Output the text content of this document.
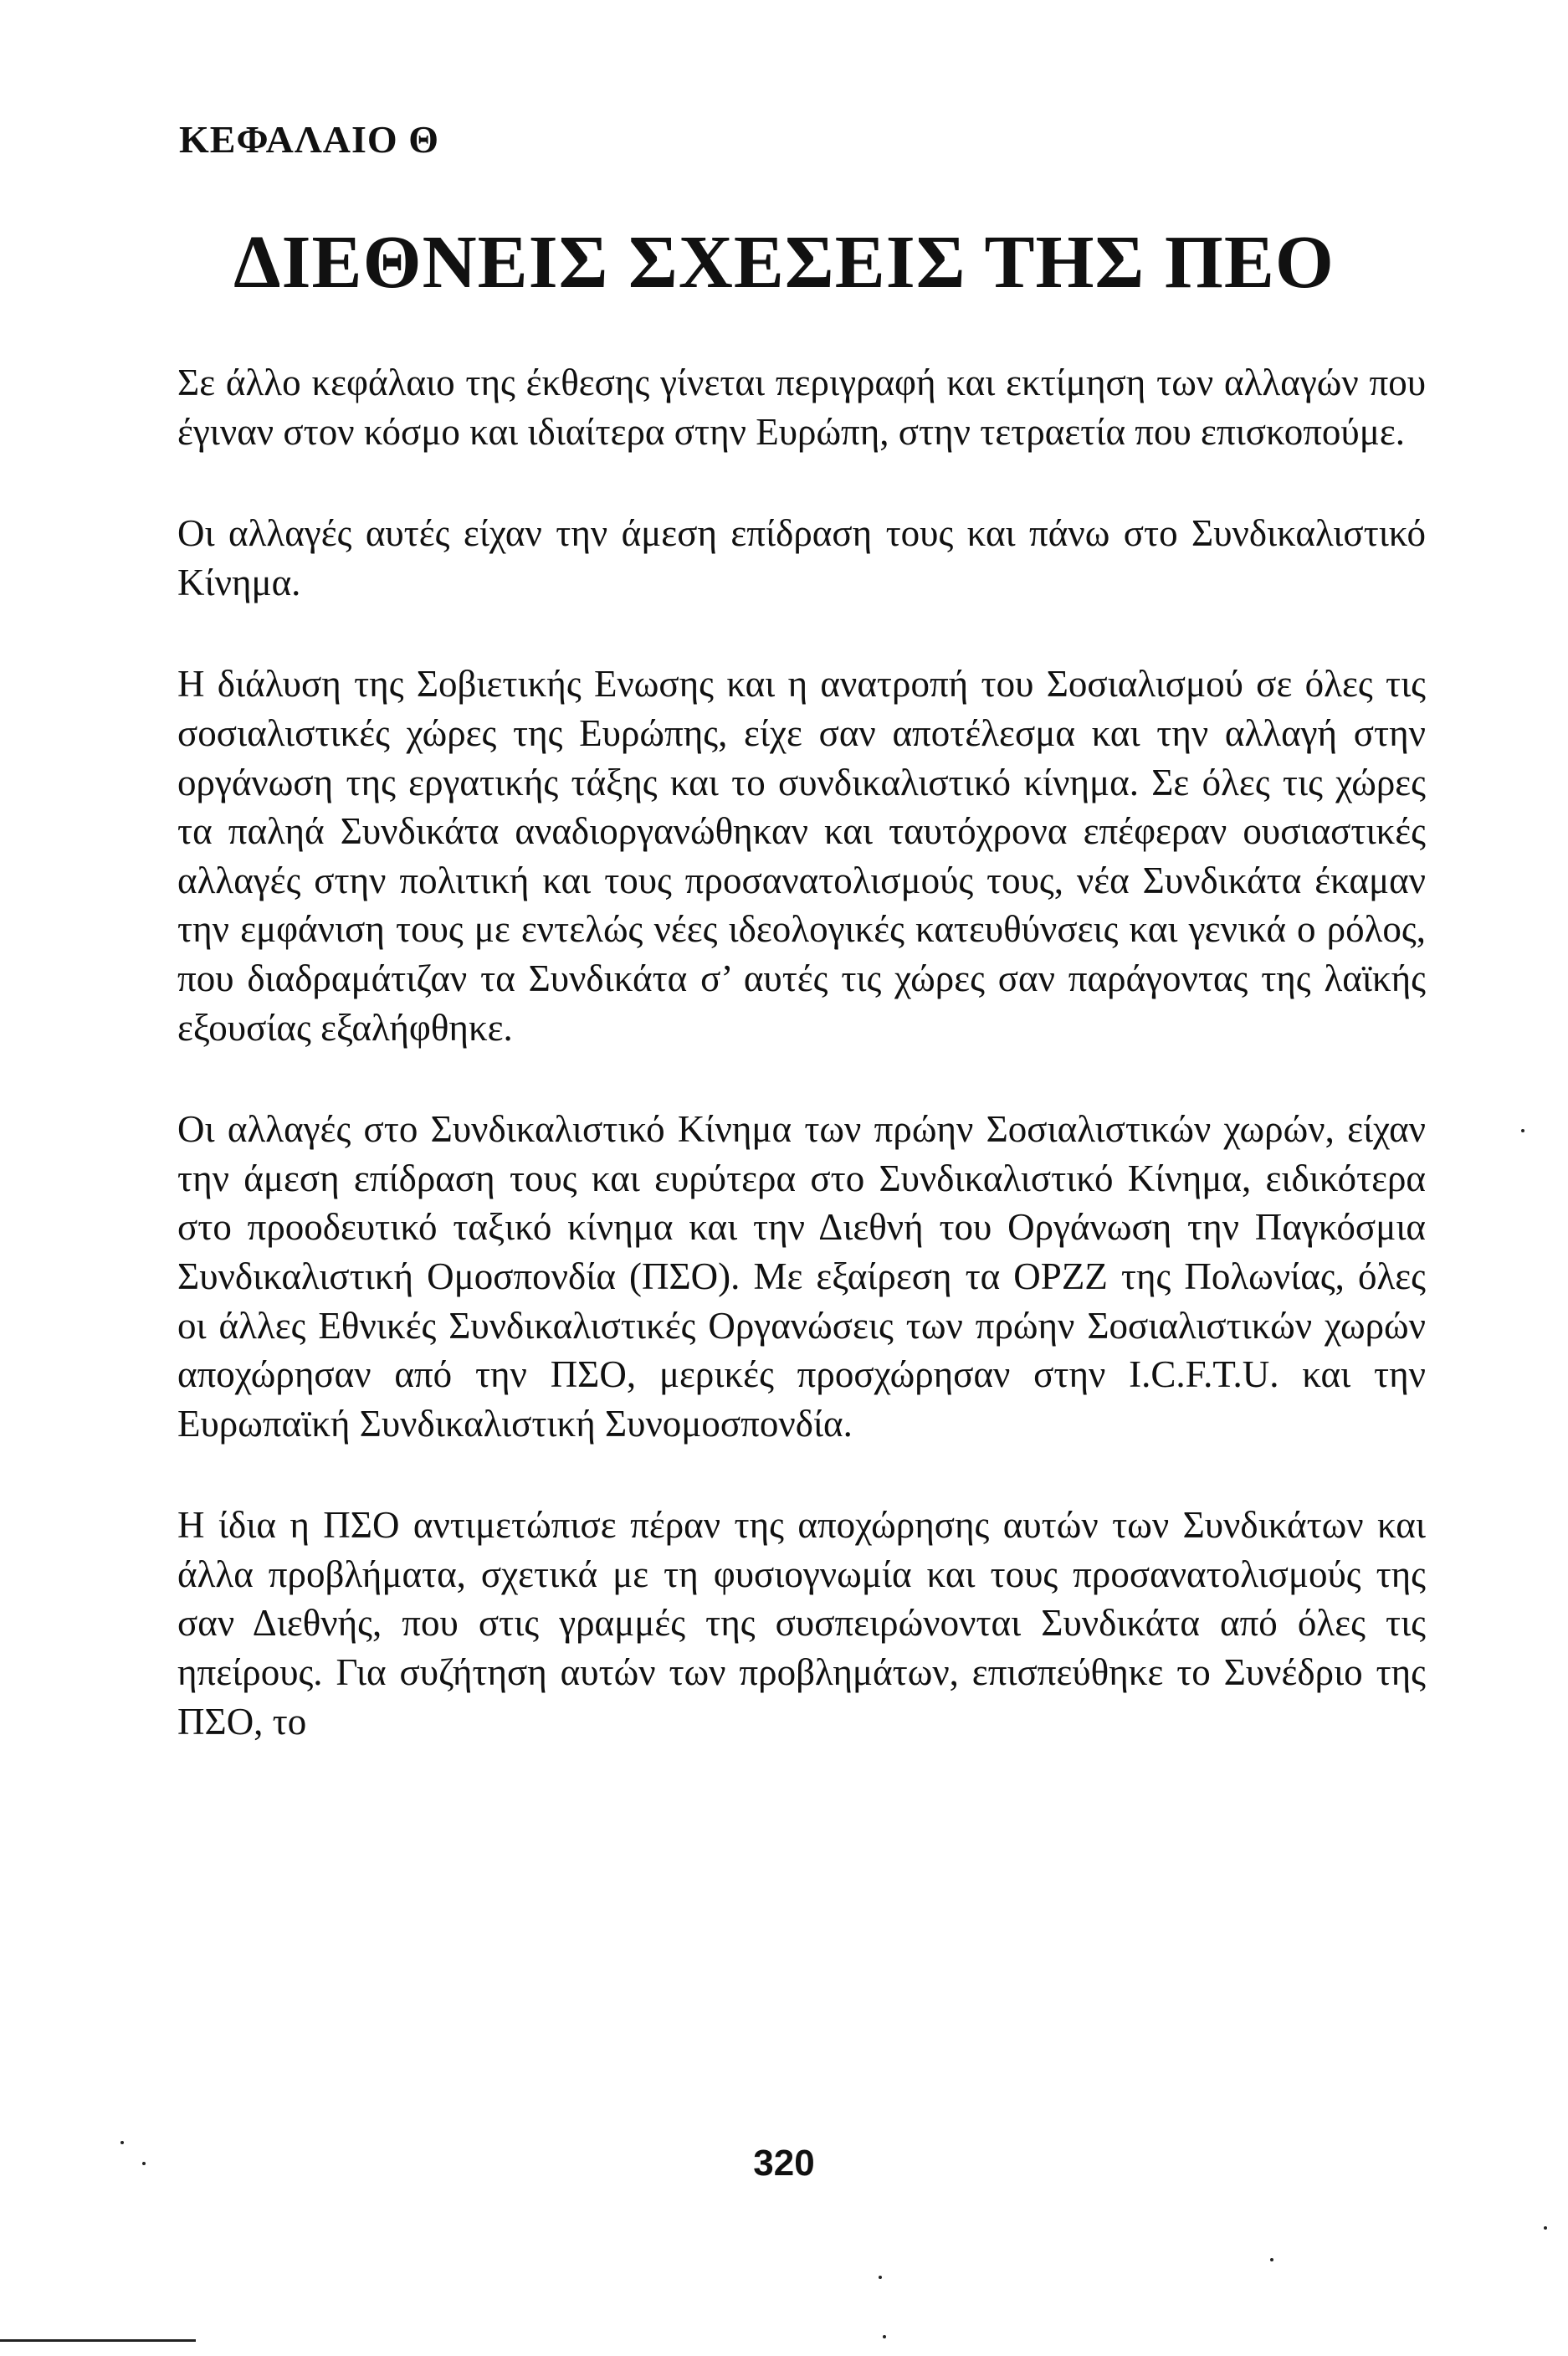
ΚΕΦΑΛΑΙΟ Θ
ΔΙΕΘΝΕΙΣ ΣΧΕΣΕΙΣ ΤΗΣ ΠΕΟ

Σε άλλο κεφάλαιο της έκθεσης γίνεται περιγραφή και εκτίμηση των αλλαγών που έγιναν στον κόσμο και ιδιαίτερα στην Ευρώπη, στην τετραετία που επισκοπούμε.

Οι αλλαγές αυτές είχαν την άμεση επίδραση τους και πάνω στο Συνδικαλιστικό Κίνημα.

Η διάλυση της Σοβιετικής Ενωσης και η ανατροπή του Σοσιαλισμού σε όλες τις σοσιαλιστικές χώρες της Ευρώπης, είχε σαν αποτέλεσμα και την αλλαγή στην οργάνωση της εργατικής τάξης και το συνδικαλιστικό κίνημα. Σε όλες τις χώρες τα παληά Συνδικάτα αναδιοργανώθηκαν και ταυτόχρονα επέφεραν ουσιαστικές αλλαγές στην πολιτική και τους προσανατολισμούς τους, νέα Συνδικάτα έκαμαν την εμφάνιση τους με εντελώς νέες ιδεολογικές κατευθύνσεις και γενικά ο ρόλος, που διαδραμάτιζαν τα Συνδικάτα σ’ αυτές τις χώρες σαν παράγοντας της λαϊκής εξουσίας εξαλήφθηκε.

Οι αλλαγές στο Συνδικαλιστικό Κίνημα των πρώην Σοσιαλιστικών χωρών, είχαν την άμεση επίδραση τους και ευρύτερα στο Συνδικαλιστικό Κίνημα, ειδικότερα στο προοδευτικό ταξικό κίνημα και την Διεθνή του Οργάνωση την Παγκόσμια Συνδικαλιστική Ομοσπονδία (ΠΣΟ). Με εξαίρεση τα OPZZ της Πολωνίας, όλες οι άλλες Εθνικές Συνδικαλιστικές Οργανώσεις των πρώην Σοσιαλιστικών χωρών αποχώρησαν από την ΠΣΟ, μερικές προσχώρησαν στην I.C.F.T.U. και την Ευρωπαϊκή Συνδικαλιστική Συνομοσπονδία.

Η ίδια η ΠΣΟ αντιμετώπισε πέραν της αποχώρησης αυτών των Συνδικάτων και άλλα προβλήματα, σχετικά με τη φυσιογνωμία και τους προσανατολισμούς της σαν Διεθνής, που στις γραμμές της συσπειρώνονται Συνδικάτα από όλες τις ηπείρους. Για συζήτηση αυτών των προβλημάτων, επισπεύθηκε το Συνέδριο της ΠΣΟ, το

320
